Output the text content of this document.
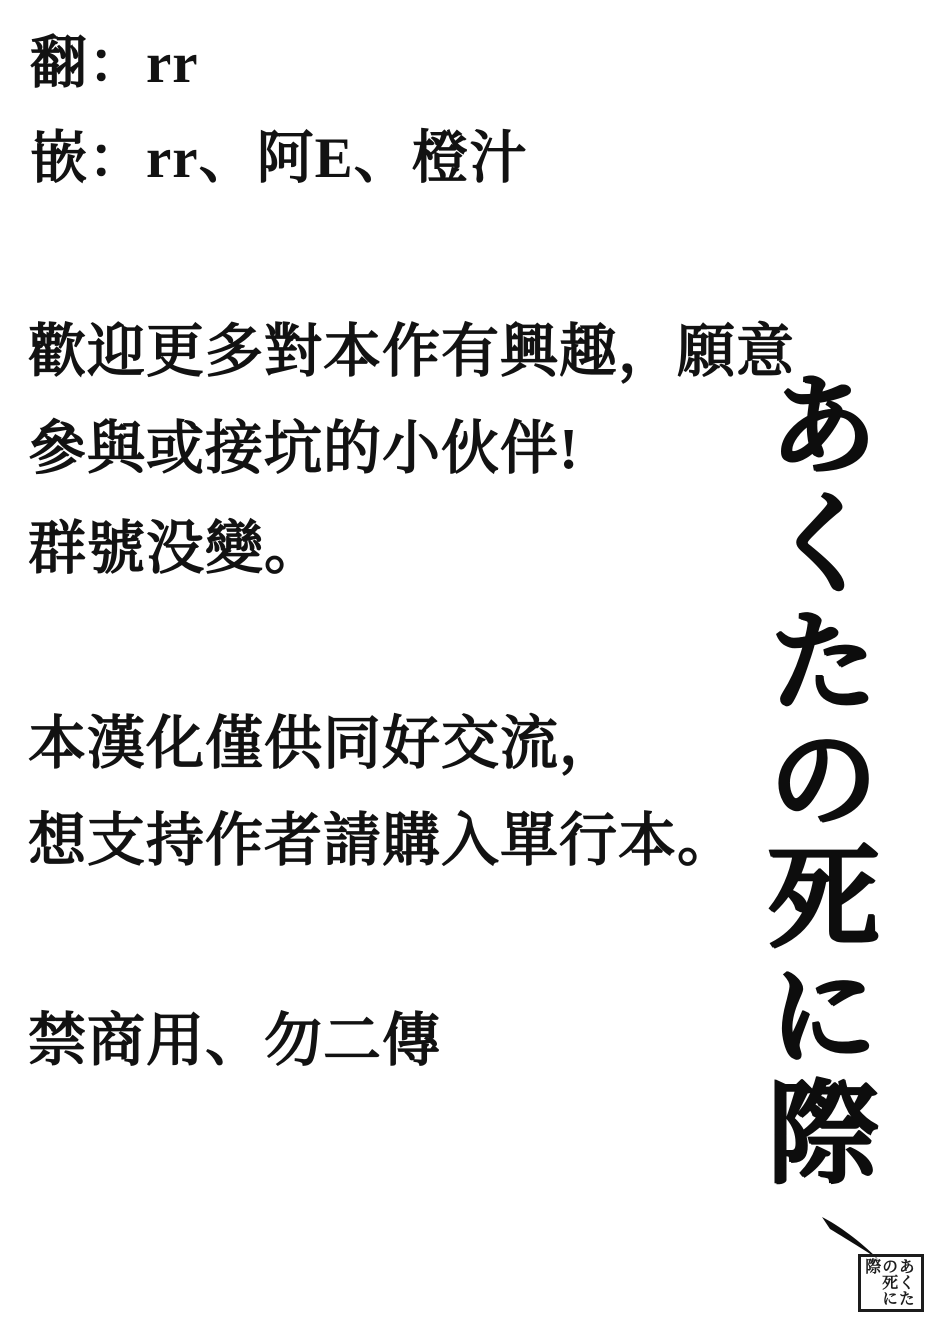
翻：rr
嵌：rr、阿E、橙汁
歡迎更多對本作有興趣，願意
參與或接坑的小伙伴!
群號没變。
本漢化僅供同好交流，
想支持作者請購入單行本。
禁商用、勿二傳	あくたの死に際
あくたの死に際
